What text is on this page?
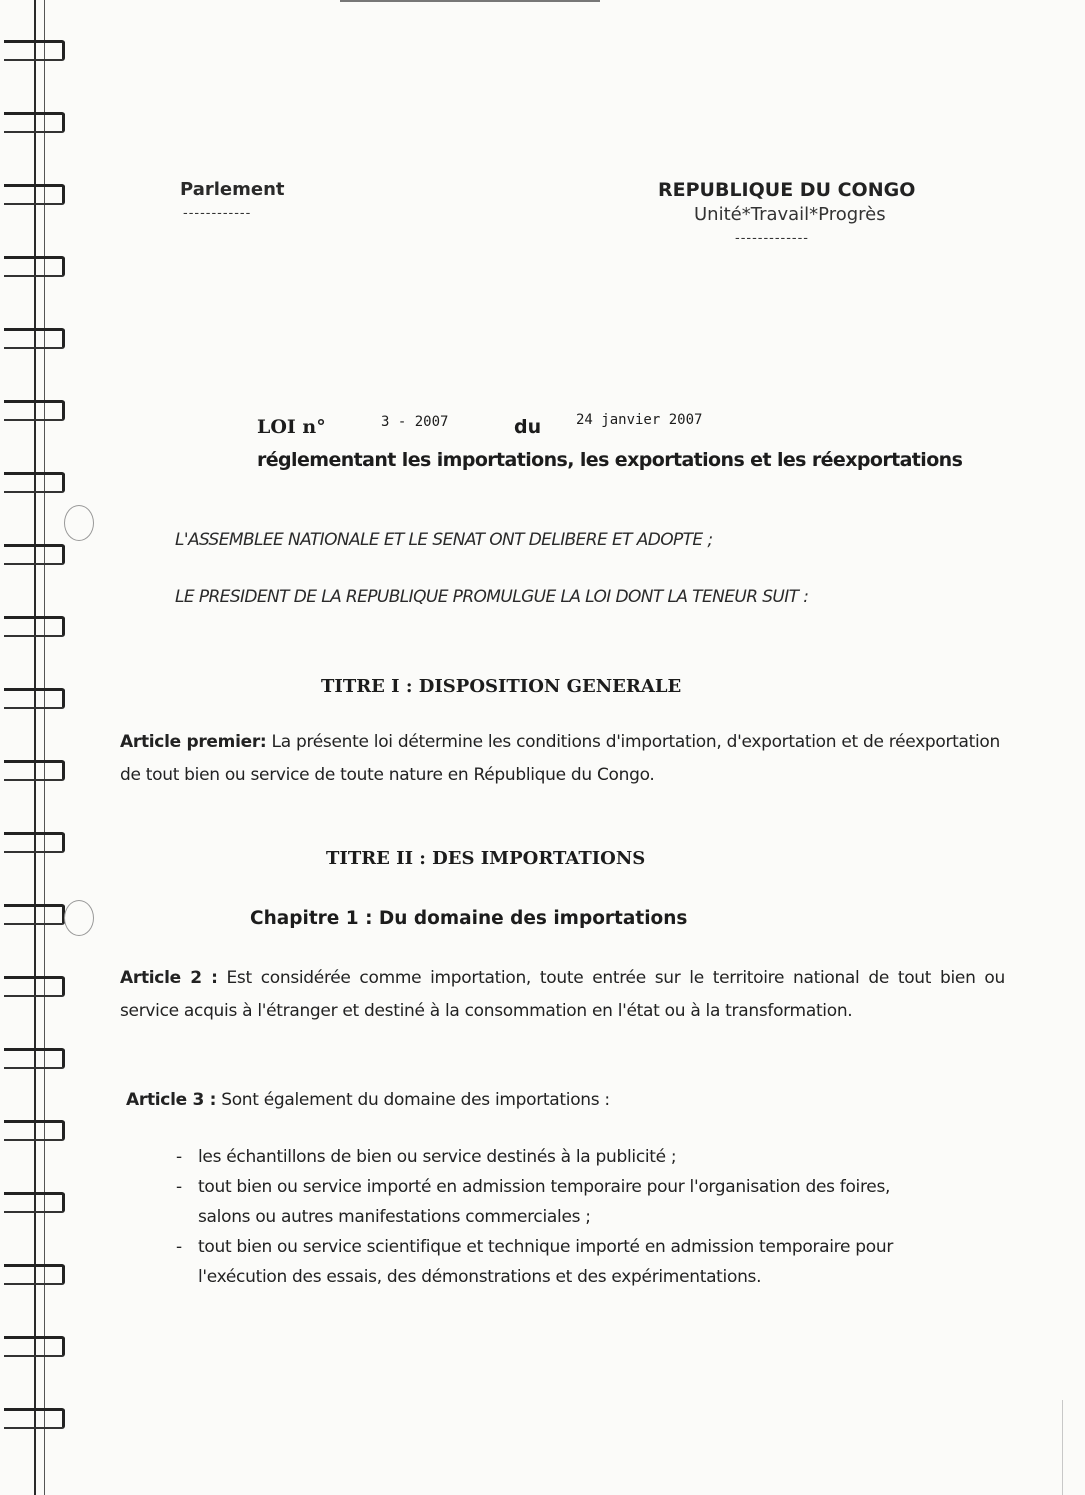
Parlement
------------
REPUBLIQUE DU CONGO
Unité*Travail*Progrès
-------------
LOI n°	3 - 2007	du 24 janvier 2007
réglementant les importations, les exportations et les réexportations
L'ASSEMBLEE NATIONALE ET LE SENAT ONT DELIBERE ET ADOPTE ;
LE PRESIDENT DE LA REPUBLIQUE PROMULGUE LA LOI DONT LA TENEUR SUIT :
TITRE I : DISPOSITION GENERALE
Article premier: La présente loi détermine les conditions d'importation, d'exportation et de réexportation de tout bien ou service de toute nature en République du Congo.
TITRE II : DES IMPORTATIONS
Chapitre 1 : Du domaine des importations
Article 2 : Est considérée comme importation, toute entrée sur le territoire national de tout bien ou service acquis à l'étranger et destiné à la consommation en l'état ou à la transformation.
Article 3 : Sont également du domaine des importations :
- les échantillons de bien ou service destinés à la publicité ;
- tout bien ou service importé en admission temporaire pour l'organisation des foires, salons ou autres manifestations commerciales ;
- tout bien ou service scientifique et technique importé en admission temporaire pour l'exécution des essais, des démonstrations et des expérimentations.
